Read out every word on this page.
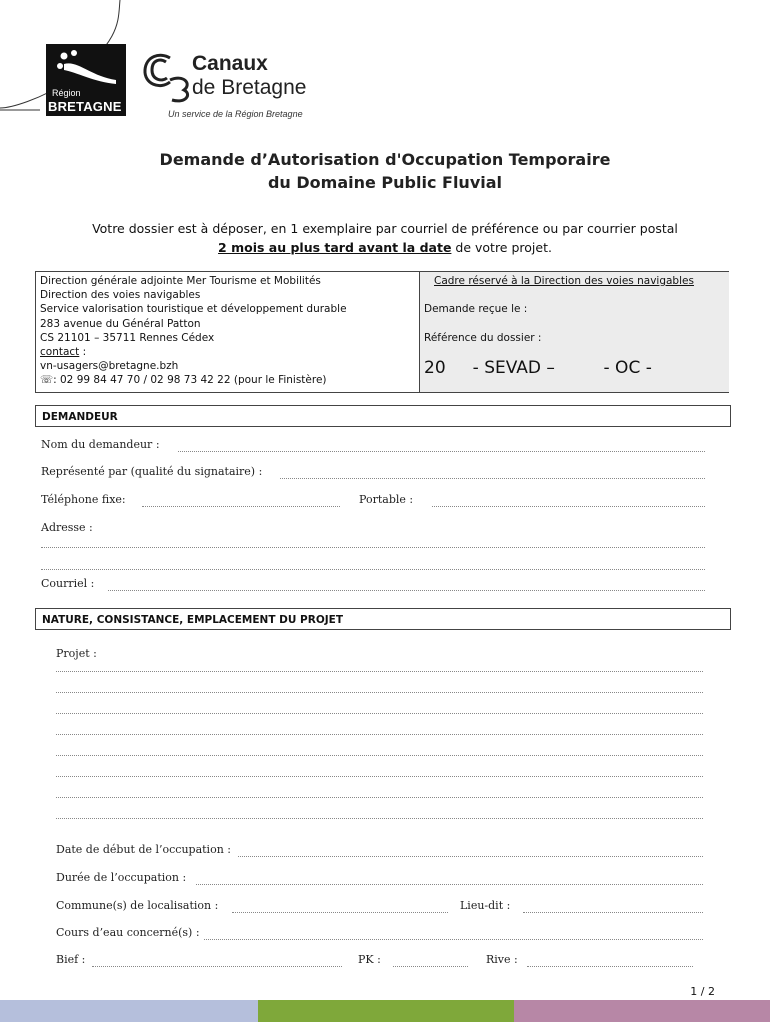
Région
BRETAGNE
Canaux
de Bretagne
Un service de la Région Bretagne
Demande d’Autorisation d'Occupation Temporaire
du Domaine Public Fluvial
Votre dossier est à déposer, en 1 exemplaire par courriel de préférence ou par courrier postal
2 mois au plus tard avant la date de votre projet.
Direction générale adjointe Mer Tourisme et Mobilités
Direction des voies navigables
Service valorisation touristique et développement durable
283 avenue du Général Patton
CS 21101 – 35711 Rennes Cédex
contact :
vn-usagers@bretagne.bzh
☏: 02 99 84 47 70 / 02 98 73 42 22 (pour le Finistère)
Cadre réservé à la Direction des voies navigables
Demande reçue le :
Référence du dossier :
20     - SEVAD –         - OC -
DEMANDEUR
Nom du demandeur :
Représenté par (qualité du signataire) :
Téléphone fixe:	Portable :
Adresse :
Courriel :
NATURE, CONSISTANCE, EMPLACEMENT DU PROJET
Projet :
Date de début de l’occupation :
Durée de l’occupation :
Commune(s) de localisation :	Lieu-dit :
Cours d’eau concerné(s) :
Bief :	PK :	Rive :
1 / 2
